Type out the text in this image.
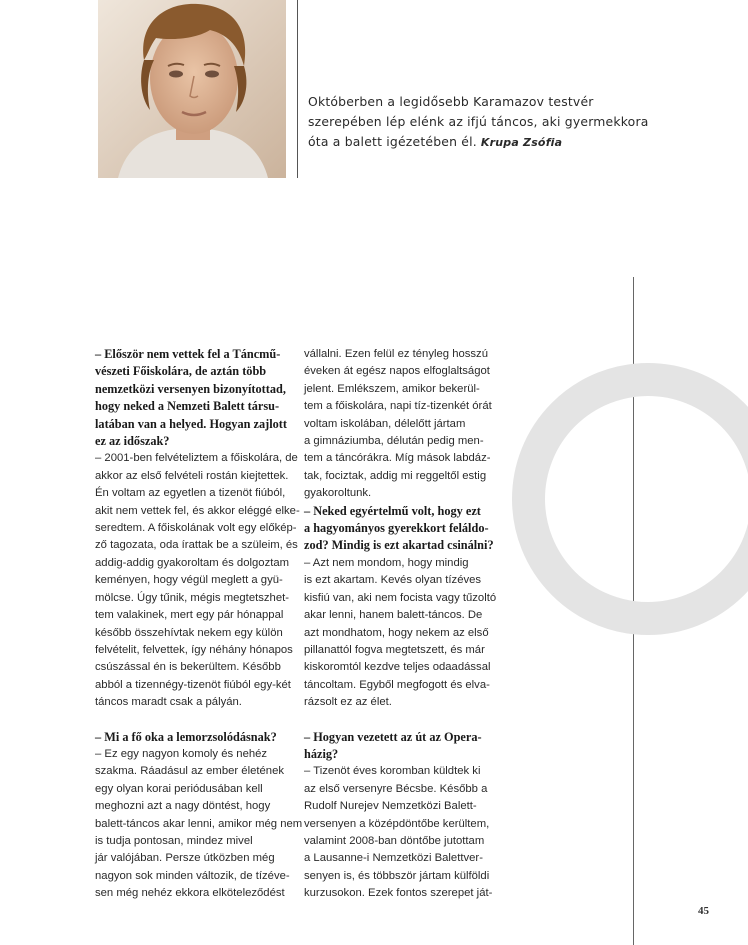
Októberben a legidősebb Karamazov testvér

szerepében lép elénk az ifjú táncos, aki gyermekkora

óta a balett igézetében él. Krupa Zsófia

– Először nem vettek fel a Táncmű-

vészeti Főiskolára, de aztán több

nemzetközi versenyen bizonyítottad,

hogy neked a Nemzeti Balett társu-

latában van a helyed. Hogyan zajlott

ez az időszak?

– 2001-ben felvételiztem a főiskolára, de

akkor az első felvételi rostán kiejtettek.

Én voltam az egyetlen a tizenöt fiúból,

akit nem vettek fel, és akkor eléggé elke-

seredtem. A főiskolának volt egy előkép-

ző tagozata, oda írattak be a szüleim, és

addig-addig gyakoroltam és dolgoztam

keményen, hogy végül meglett a gyü-

mölcse. Úgy tűnik, mégis megtetszhet-

tem valakinek, mert egy pár hónappal

később összehívtak nekem egy külön

felvételit, felvettek, így néhány hónapos

csúszással én is bekerültem. Később

abból a tizennégy-tizenöt fiúból egy-két

táncos maradt csak a pályán.

– Mi a fő oka a lemorzsolódásnak?

– Ez egy nagyon komoly és nehéz

szakma. Ráadásul az ember életének

egy olyan korai periódusában kell

meghozni azt a nagy döntést, hogy

balett-táncos akar lenni, amikor még nem

is tudja pontosan, mindez mivel

jár valójában. Persze útközben még

nagyon sok minden változik, de tízéve-

sen még nehéz ekkora elköteleződést

vállalni. Ezen felül ez tényleg hosszú

éveken át egész napos elfoglaltságot

jelent. Emlékszem, amikor bekerül-

tem a főiskolára, napi tíz-tizenkét órát

voltam iskolában, délelőtt jártam

a gimnáziumba, délután pedig men-

tem a táncórákra. Míg mások labdáz-

tak, fociztak, addig mi reggeltől estig

gyakoroltunk.

– Neked egyértelmű volt, hogy ezt

a hagyományos gyerekkort feláldo-

zod? Mindig is ezt akartad csinálni?

– Azt nem mondom, hogy mindig

is ezt akartam. Kevés olyan tízéves

kisfiú van, aki nem focista vagy tűzoltó

akar lenni, hanem balett-táncos. De

azt mondhatom, hogy nekem az első

pillanattól fogva megtetszett, és már

kiskoromtól kezdve teljes odaadással

táncoltam. Egyből megfogott és elva-

rázsolt ez az élet.

– Hogyan vezetett az út az Opera-

házig?

– Tizenöt éves koromban küldtek ki

az első versenyre Bécsbe. Később a

Rudolf Nurejev Nemzetközi Balett-

versenyen a középdöntőbe kerültem,

valamint 2008-ban döntőbe jutottam

a Lausanne-i Nemzetközi Balettver-

senyen is, és többször jártam külföldi

kurzusokon. Ezek fontos szerepet ját-

45
